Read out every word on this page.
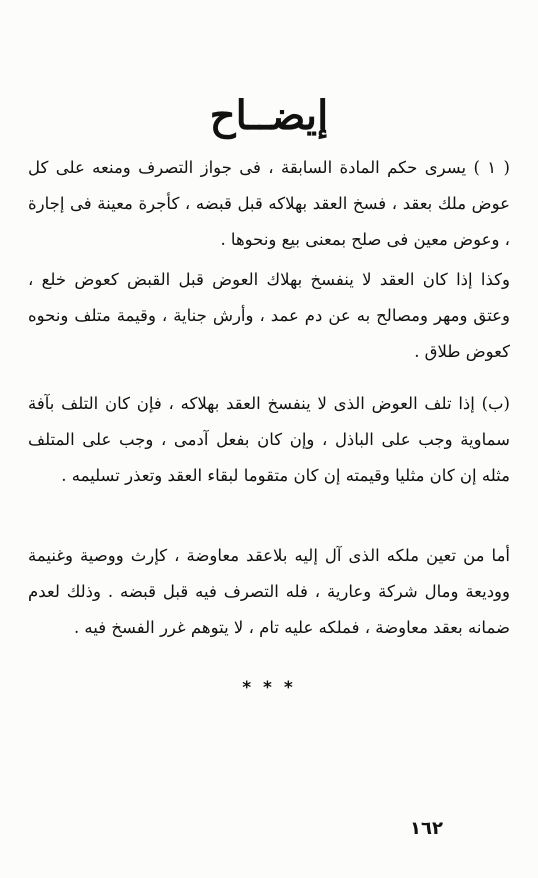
إيضــاح
( ١ ) يسرى حكم المادة السابقة ، فى جواز التصرف ومنعه على كل عوض ملك بعقد ، فسخ العقد بهلاكه قبل قبضه ، كأجرة معينة فى إجارة ، وعوض معين فى صلح بمعنى بيع ونحوها .
وكذا إذا كان العقد لا ينفسخ بهلاك العوض قبل القبض كعوض خلع ، وعتق ومهر ومصالح به عن دم عمد ، وأرش جناية ، وقيمة متلف ونحوه كعوض طلاق .
(ب) إذا تلف العوض الذى لا ينفسخ العقد بهلاكه ، فإن كان التلف بآفة سماوية وجب على الباذل ، وإن كان بفعل آدمى ، وجب على المتلف مثله إن كان مثليا وقيمته إن كان متقوما لبقاء العقد وتعذر تسليمه .
أما من تعين ملكه الذى آل إليه بلاعقد معاوضة ، كإرث ووصية وغنيمة ووديعة ومال شركة وعارية ، فله التصرف فيه قبل قبضه . وذلك لعدم ضمانه بعقد معاوضة ، فملكه عليه تام ، لا يتوهم غرر الفسخ فيه .
* * *
١٦٢
